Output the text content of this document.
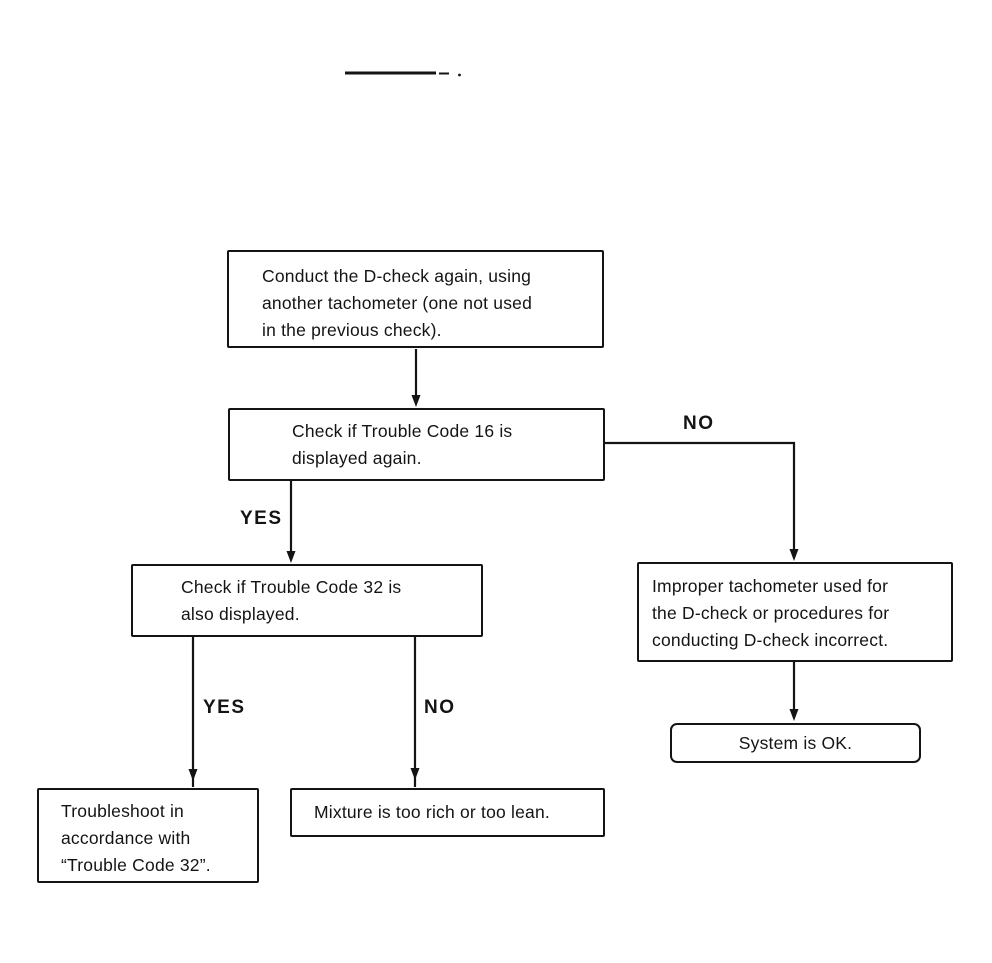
Conduct the D-check again, using
another tachometer (one not used
in the previous check).
Check if Trouble Code 16 is
displayed again.
Check if Trouble Code 32 is
also displayed.
Improper tachometer used for
the D-check or procedures for
conducting D-check incorrect.
System is OK.
Troubleshoot in
accordance with
“Trouble Code 32”.
Mixture is too rich or too lean.
NO
YES
YES	NO
